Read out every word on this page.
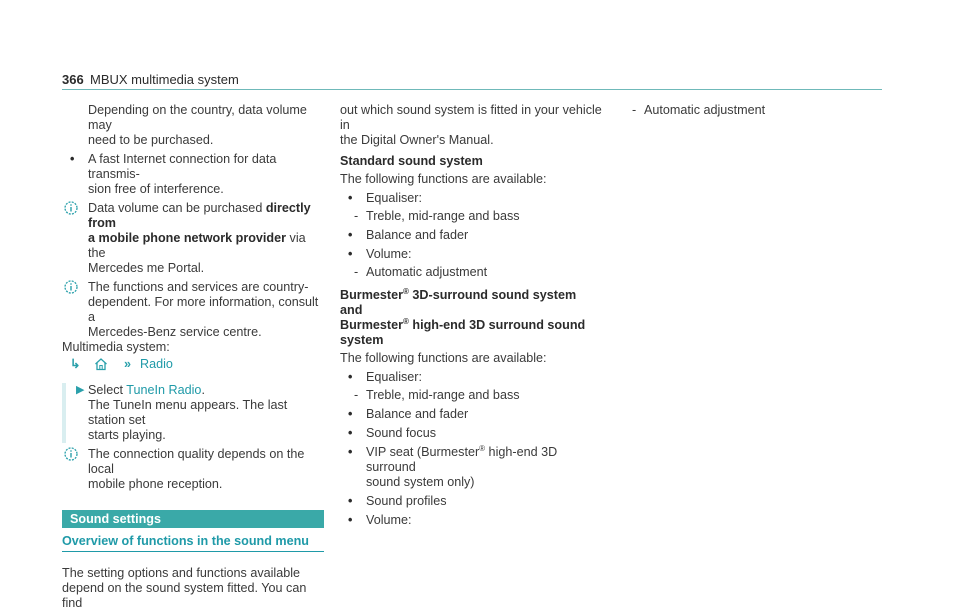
366 MBUX multimedia system
Depending on the country, data volume may
need to be purchased.
• A fast Internet connection for data transmis-
sion free of interference.
Data volume can be purchased directly from
a mobile phone network provider via the
Mercedes me Portal.
The functions and services are country-
dependent. For more information, consult a
Mercedes-Benz service centre.
Multimedia system:
↳	» Radio
▶ Select TuneIn Radio.
The TuneIn menu appears. The last station set
starts playing.
The connection quality depends on the local
mobile phone reception.
Sound settings
Overview of functions in the sound menu
The setting options and functions available
depend on the sound system fitted. You can find
out which sound system is fitted in your vehicle in
the Digital Owner's Manual.
Standard sound system
The following functions are available:
• Equaliser:
- Treble, mid-range and bass
• Balance and fader
• Volume:
- Automatic adjustment
Burmester® 3D-surround sound system and
Burmester® high-end 3D surround sound system
The following functions are available:
• Equaliser:
- Treble, mid-range and bass
• Balance and fader
• Sound focus
• VIP seat (Burmester® high-end 3D surround
sound system only)
• Sound profiles
• Volume:
- Automatic adjustment
